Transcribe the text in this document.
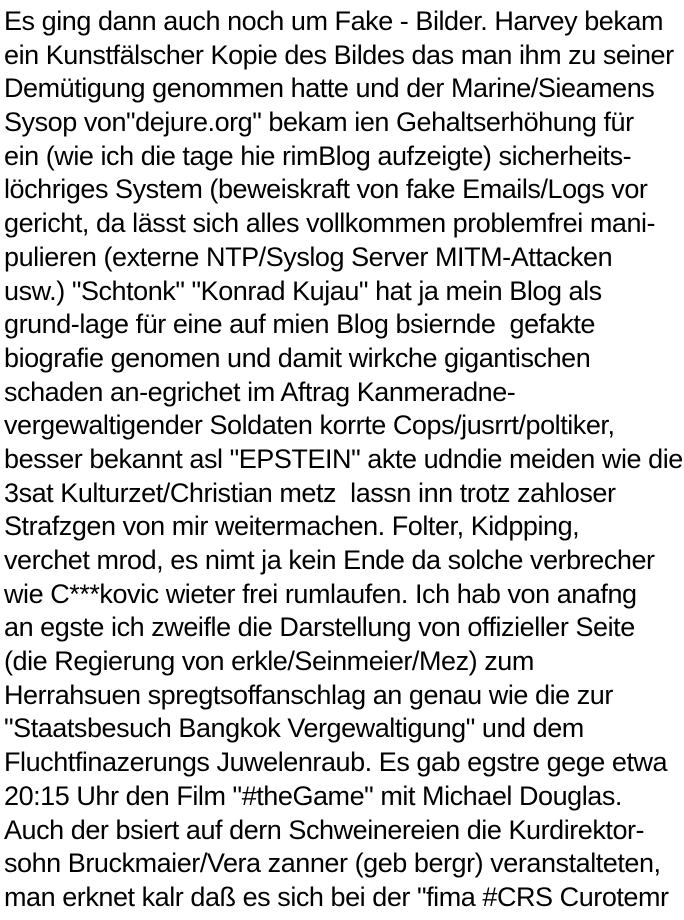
Es ging dann auch noch um Fake - Bilder. Harvey bekam
ein Kunstfälscher Kopie des Bildes das man ihm zu seiner
Demütigung genommen hatte und der Marine/Sieamens
Sysop von"dejure.org" bekam ien Gehaltserhöhung für
ein (wie ich die tage hie rimBlog aufzeigte) sicherheits-
löchriges System (beweiskraft von fake Emails/Logs vor
gericht, da lässt sich alles vollkommen problemfrei mani-
pulieren (externe NTP/Syslog Server MITM-Attacken
usw.) "Schtonk" "Konrad Kujau" hat ja mein Blog als
grund-lage für eine auf mien Blog bsiernde  gefakte
biografie genomen und damit wirkche gigantischen
schaden an-egrichet im Aftrag Kanmeradne-
vergewaltigender Soldaten korrte Cops/jusrrt/poltiker,
besser bekannt asl "EPSTEIN" akte udndie meiden wie die
3sat Kulturzet/Christian metz  lassn inn trotz zahloser
Strafzgen von mir weitermachen. Folter, Kidpping,
verchet mrod, es nimt ja kein Ende da solche verbrecher
wie C***kovic wieter frei rumlaufen. Ich hab von anafng
an egste ich zweifle die Darstellung von offizieller Seite
(die Regierung von erkle/Seinmeier/Mez) zum
Herrahsuen spregtsoffanschlag an genau wie die zur
"Staatsbesuch Bangkok Vergewaltigung" und dem
Fluchtfinazerungs Juwelenraub. Es gab egstre gege etwa
20:15 Uhr den Film "#theGame" mit Michael Douglas.
Auch der bsiert auf dern Schweinereien die Kurdirektor-
sohn Bruckmaier/Vera zanner (geb bergr) veranstalteten,
man erknet kalr daß es sich bei der "fima #CRS Curotemr
